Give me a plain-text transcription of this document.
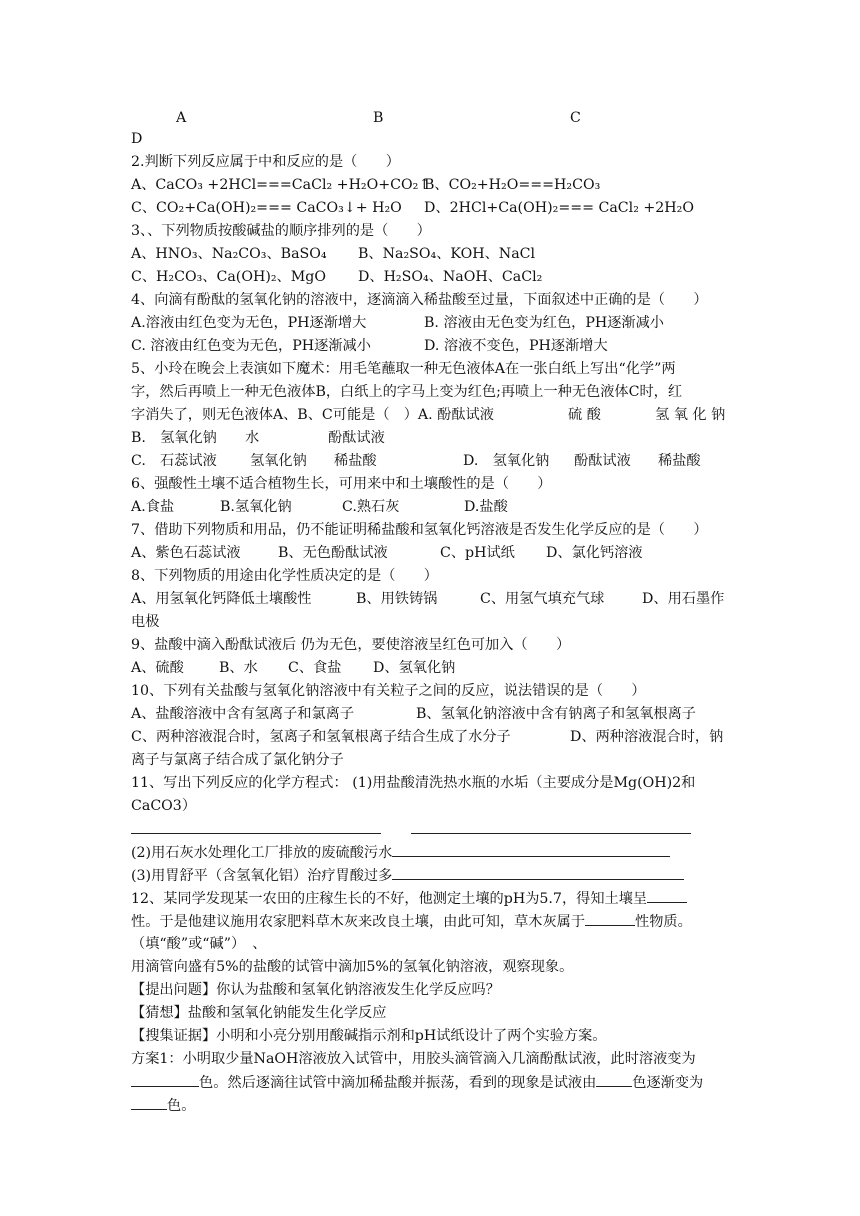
A	B	C
D
2.判断下列反应属于中和反应的是（　　）
A、CaCO₃ +2HCl===CaCl₂ +H₂O+CO₂↑
B、CO₂+H₂O===H₂CO₃
C、CO₂+Ca(OH)₂=== CaCO₃↓+ H₂O D、2HCl+Ca(OH)₂=== CaCl₂ +2H₂O
3、、下列物质按酸碱盐的顺序排列的是（　　）
A、HNO₃、Na₂CO₃、BaSO₄ B、Na₂SO₄、KOH、NaCl
C、H₂CO₃、Ca(OH)₂、MgO D、H₂SO₄、NaOH、CaCl₂
4、向滴有酚酞的氢氧化钠的溶液中，逐滴滴入稀盐酸至过量，下面叙述中正确的是（　　）
A.溶液由红色变为无色，PH逐渐增大	B. 溶液由无色变为红色，PH逐渐减小
C. 溶液由红色变为无色，PH逐渐减小	D. 溶液不变色，PH逐渐增大
5、小玲在晚会上表演如下魔术：用毛笔蘸取一种无色液体A在一张白纸上写出“化学”两
字，然后再喷上一种无色液体B，白纸上的字马上变为红色;再喷上一种无色液体C时，红
字消失了，则无色液体A、B、C可能是（　）A. 酚酞试液	硫 酸	氢 氧 化 钠
B.　氢氧化钠 水	酚酞试液
C.　石蕊试液 氢氧化钠 稀盐酸	D.　氢氧化钠 酚酞试液 稀盐酸
6、强酸性土壤不适合植物生长，可用来中和土壤酸性的是（　　）
A.食盐	B.氢氧化钠	C.熟石灰	D.盐酸
7、借助下列物质和用品，仍不能证明稀盐酸和氢氧化钙溶液是否发生化学反应的是（　　）
A、紫色石蕊试液	B、无色酚酞试液	C、pH试纸 D、氯化钙溶液
8、下列物质的用途由化学性质决定的是（　　）
A、用氢氧化钙降低土壤酸性	B、用铁铸锅	C、用氢气填充气球	D、用石墨作
电极
9、盐酸中滴入酚酞试液后 仍为无色，要使溶液呈红色可加入（　　）
A、硫酸 B、水 C、食盐 D、氢氧化钠
10、下列有关盐酸与氢氧化钠溶液中有关粒子之间的反应，说法错误的是（　　）
A、盐酸溶液中含有氢离子和氯离子	B、氢氧化钠溶液中含有钠离子和氢氧根离子
C、两种溶液混合时，氢离子和氢氧根离子结合生成了水分子	D、两种溶液混合时，钠
离子与氯离子结合成了氯化钠分子
11、写出下列反应的化学方程式： (1)用盐酸清洗热水瓶的水垢（主要成分是Mg(OH)2和
CaCO3）
(2)用石灰水处理化工厂排放的废硫酸污水
(3)用胃舒平（含氢氧化铝）治疗胃酸过多
12、某同学发现某一农田的庄稼生长的不好，他测定土壤的pH为5.7，得知土壤呈
性。于是他建议施用农家肥料草木灰来改良土壤，由此可知，草木灰属于	性物质。
（填“酸”或“碱”）　、
用滴管向盛有5%的盐酸的试管中滴加5%的氢氧化钠溶液，观察现象。
【提出问题】你认为盐酸和氢氧化钠溶液发生化学反应吗？
【猜想】盐酸和氢氧化钠能发生化学反应
【搜集证据】小明和小亮分别用酸碱指示剂和pH试纸设计了两个实验方案。
方案1：小明取少量NaOH溶液放入试管中，用胶头滴管滴入几滴酚酞试液，此时溶液变为
色。然后逐滴往试管中滴加稀盐酸并振荡，看到的现象是试液由	色逐渐变为
色。
